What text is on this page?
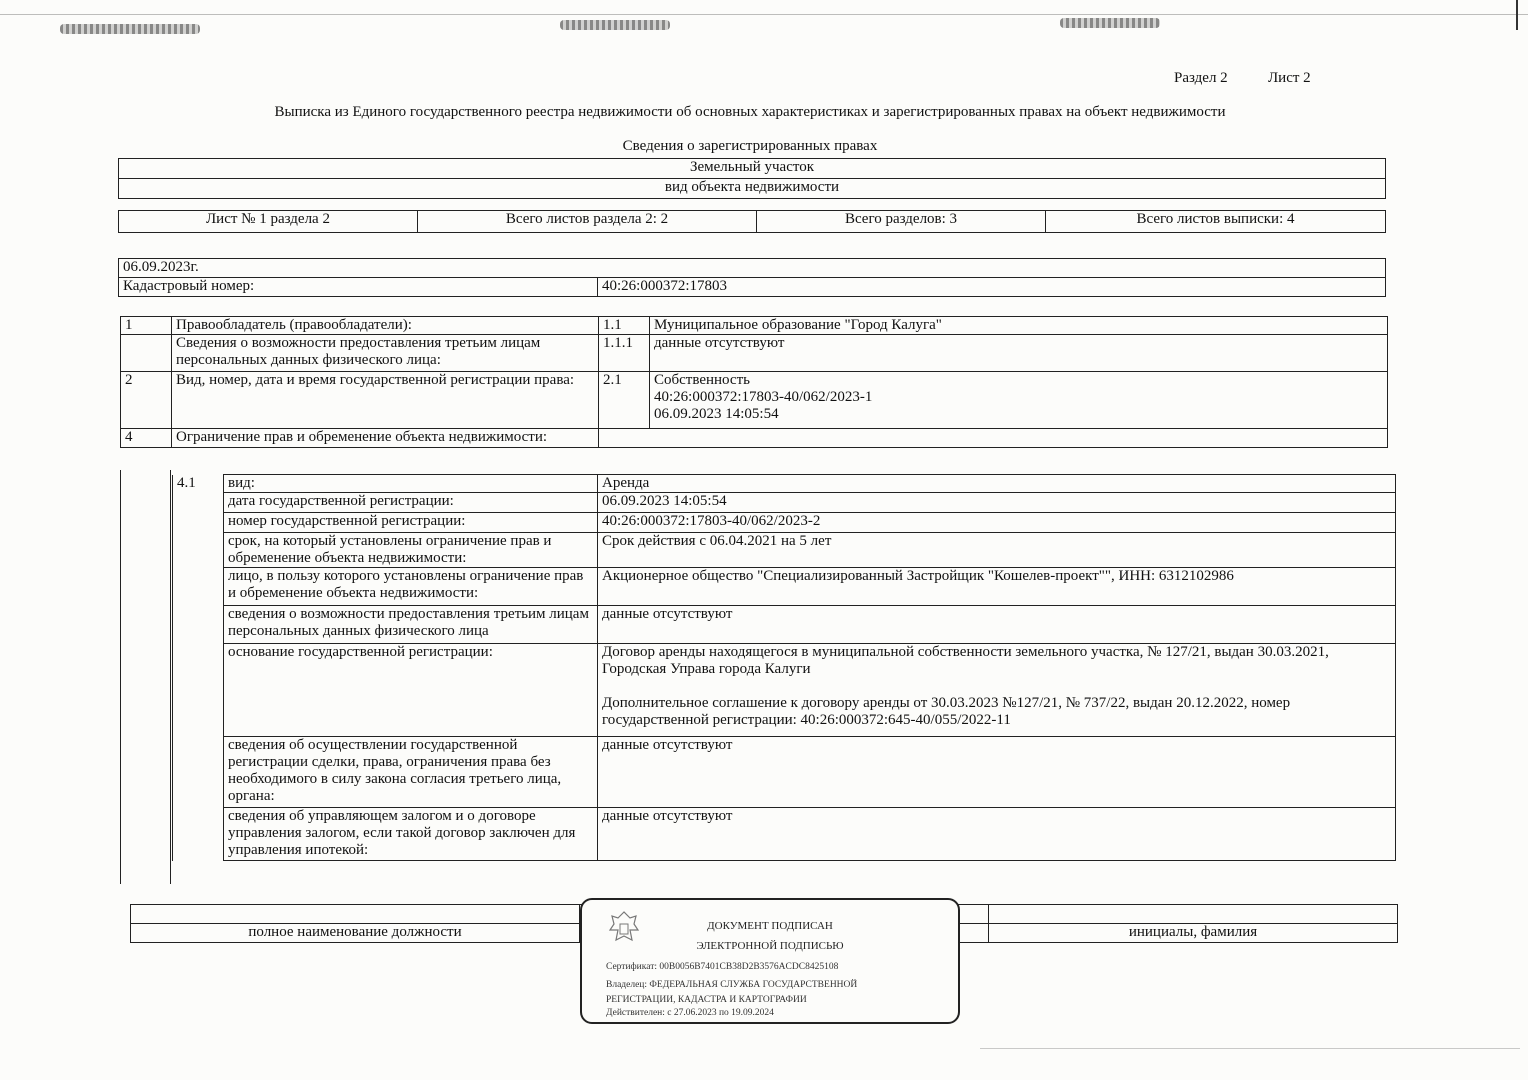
Раздел 2	Лист 2
Выписка из Единого государственного реестра недвижимости об основных характеристиках и зарегистрированных правах на объект недвижимости
Сведения о зарегистрированных правах
Земельный участок
вид объекта недвижимости
Лист № 1 раздела 2	Всего листов раздела 2: 2	Всего разделов: 3	Всего листов выписки: 4
06.09.2023г.
Кадастровый номер:	40:26:000372:17803
1	Правообладатель (правообладатели):	1.1	Муниципальное образование "Город Калуга"
	Сведения о возможности предоставления третьим лицам персональных данных физического лица:	1.1.1	данные отсутствуют
2	Вид, номер, дата и время государственной регистрации права:	2.1	Собственность
40:26:000372:17803-40/062/2023-1
06.09.2023 14:05:54

4	Ограничение прав и обременение объекта недвижимости:		
4.1	вид:	Аренда
	дата государственной регистрации:	06.09.2023 14:05:54
	номер государственной регистрации:	40:26:000372:17803-40/062/2023-2
	срок, на который установлены ограничение прав и обременение объекта недвижимости:	Срок действия с 06.04.2021 на 5 лет
	лицо, в пользу которого установлены ограничение прав и обременение объекта недвижимости:	Акционерное общество "Специализированный Застройщик "Кошелев-проект"", ИНН: 6312102986
	сведения о возможности предоставления третьим лицам персональных данных физического лица	данные отсутствуют
	основание государственной регистрации:	Договор аренды находящегося в муниципальной собственности земельного участка, № 127/21, выдан 30.03.2021, Городская Управа города Калуги
Дополнительное соглашение к договору аренды от 30.03.2023 №127/21, № 737/22, выдан 20.12.2022, номер государственной регистрации: 40:26:000372:645-40/055/2022-11

	сведения об осуществлении государственной регистрации сделки, права, ограничения права без необходимого в силу закона согласия третьего лица, органа:	данные отсутствуют
	сведения об управляющем залогом и о договоре управления залогом, если такой договор заключен для управления ипотекой:	данные отсутствуют

полное наименование должности		инициалы, фамилия
ДОКУМЕНТ ПОДПИСАН
ЭЛЕКТРОННОЙ ПОДПИСЬЮ
Сертификат: 00B0056B7401CB38D2B3576ACDC8425108
Владелец: ФЕДЕРАЛЬНАЯ СЛУЖБА ГОСУДАРСТВЕННОЙ
РЕГИСТРАЦИИ, КАДАСТРА И КАРТОГРАФИИ
Действителен: с 27.06.2023 по 19.09.2024
